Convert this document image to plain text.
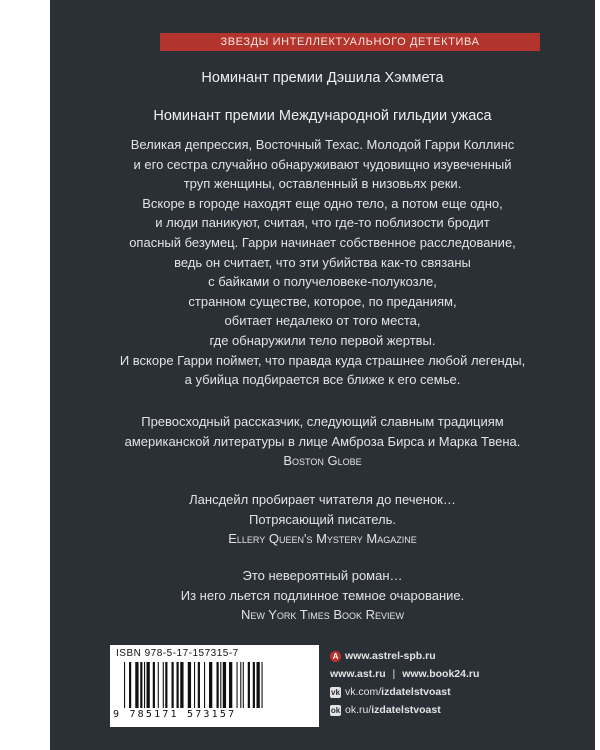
ЗВЕЗДЫ ИНТЕЛЛЕКТУАЛЬНОГО ДЕТЕКТИВА
Номинант премии Дэшила Хэммета
Номинант премии Международной гильдии ужаса

Великая депрессия, Восточный Техас. Молодой Гарри Коллинс
и его сестра случайно обнаруживают чудовищно изувеченный
труп женщины, оставленный в низовьях реки.
Вскоре в городе находят еще одно тело, а потом еще одно,
и люди паникуют, считая, что где-то поблизости бродит
опасный безумец. Гарри начинает собственное расследование,
ведь он считает, что эти убийства как-то связаны
с байками о получеловеке-полукозле,
странном существе, которое, по преданиям,
обитает недалеко от того места,
где обнаружили тело первой жертвы.
И вскоре Гарри поймет, что правда куда страшнее любой легенды,
а убийца подбирается все ближе к его семье.

Превосходный рассказчик, следующий славным традициям
американской литературы в лице Амброза Бирса и Марка Твена.
Boston Globe
Лансдейл пробирает читателя до печенок…
Потрясающий писатель.
Ellery Queen's Mystery Magazine
Это невероятный роман…
Из него льется подлинное темное очарование.
New York Times Book Review
ISBN 978-5-17-157315-7
9 785171 573157
А www.astrel-spb.ru
www.ast.ru | www.book24.ru
vk vk.com/izdatelstvoast
ok ok.ru/izdatelstvoast
